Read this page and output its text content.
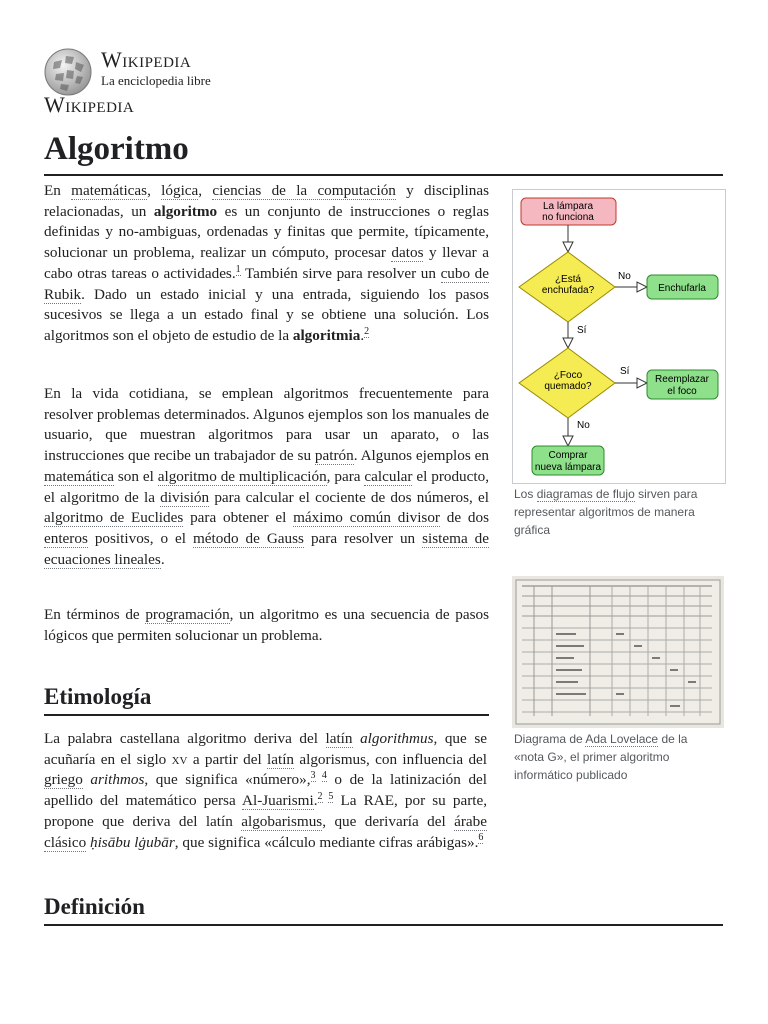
Wikipedia
La enciclopedia libre
Wikipedia
Algoritmo

En matemáticas, lógica, ciencias de la computación y disciplinas relacionadas, un algoritmo es un conjunto de instrucciones o reglas definidas y no-ambiguas, ordenadas y finitas que permite, típicamente, solucionar un problema, realizar un cómputo, procesar datos y llevar a cabo otras tareas o actividades.$^1$ También sirve para resolver un cubo de Rubik. Dado un estado inicial y una entrada, siguiendo los pasos sucesivos se llega a un estado final y se obtiene una solución. Los algoritmos son el objeto de estudio de la algoritmia.$^2$

En la vida cotidiana, se emplean algoritmos frecuentemente para resolver problemas determinados. Algunos ejemplos son los manuales de usuario, que muestran algoritmos para usar un aparato, o las instrucciones que recibe un trabajador de su patrón. Algunos ejemplos en matemática son el algoritmo de multiplicación, para calcular el producto, el algoritmo de la división para calcular el cociente de dos números, el algoritmo de Euclides para obtener el máximo común divisor de dos enteros positivos, o el método de Gauss para resolver un sistema de ecuaciones lineales.

En términos de programación, un algoritmo es una secuencia de pasos lógicos que permiten solucionar un problema.

Etimología

La palabra castellana algoritmo deriva del latín algorithmus, que se acuñaría en el siglo xv a partir del latín algorismus, con influencia del griego arithmos, que significa «número»,$^{3 4}$ o de la latinización del apellido del matemático persa Al-Juarismi.$^{2 5}$ La RAE, por su parte, propone que deriva del latín algobarismus, que derivaría del árabe clásico ḥisābu lġubār, que significa «cálculo mediante cifras arábigas».$^6$

Definición
La lámpara
no funciona
¿Está
enchufada?
No
Enchufarla
Sí
¿Foco
quemado?
Sí
Reemplazar
el foco
No
Comprar
nueva lámpara
Los diagramas de flujo sirven para representar algoritmos de manera gráfica
Diagrama de Ada Lovelace de la «nota G», el primer algoritmo informático publicado
